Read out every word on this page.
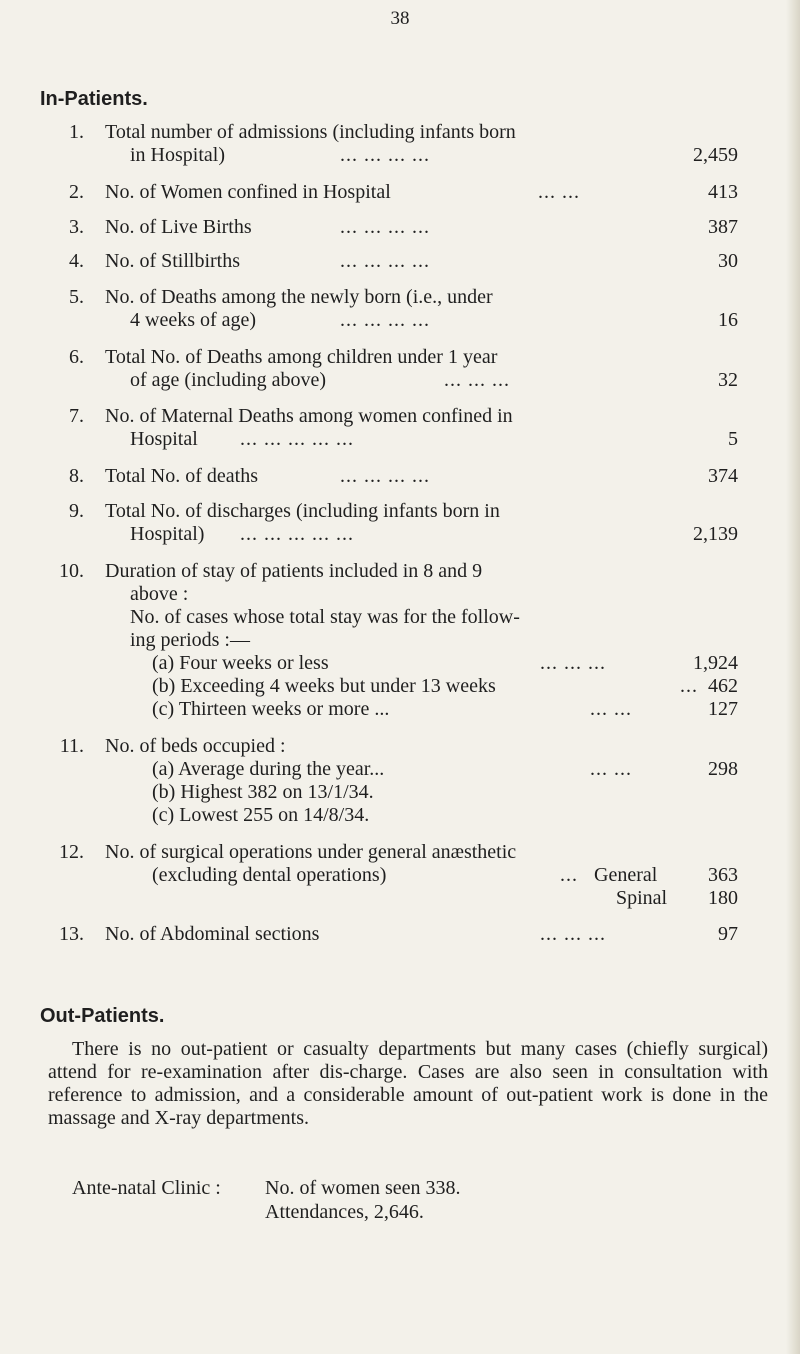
38
In-Patients.
1. Total number of admissions (including infants born
in Hospital)	... ... ... ...	2,459
2. No. of Women confined in Hospital	... ...	413
3. No. of Live Births	... ... ... ...	387
4. No. of Stillbirths	... ... ... ...	30
5. No. of Deaths among the newly born (i.e., under
4 weeks of age)	... ... ... ...	16
6. Total No. of Deaths among children under 1 year
of age (including above)	... ... ...	32
7. No. of Maternal Deaths among women confined in
Hospital ... ... ... ... ...	5
8. Total No. of deaths	... ... ... ...	374
9. Total No. of discharges (including infants born in
Hospital) ... ... ... ... ...	2,139
10. Duration of stay of patients included in 8 and 9
above :
No. of cases whose total stay was for the follow-
ing periods :—
(a) Four weeks or less	... ... ...	1,924
(b) Exceeding 4 weeks but under 13 weeks	... 462
(c) Thirteen weeks or more ...	... ...	127
11. No. of beds occupied :
(a) Average during the year...	... ...	298
(b) Highest 382 on 13/1/34.
(c) Lowest 255 on 14/8/34.
12. No. of surgical operations under general anæsthetic
(excluding dental operations)	... General	363
Spinal 180
13. No. of Abdominal sections	... ... ...	97
Out-Patients.
There is no out-patient or casualty departments but many cases (chiefly surgical) attend for re-examination after dis-charge. Cases are also seen in consultation with reference to admission, and a considerable amount of out-patient work is done in the massage and X-ray departments.
Ante-natal Clinic : No. of women seen 338.
Attendances, 2,646.
